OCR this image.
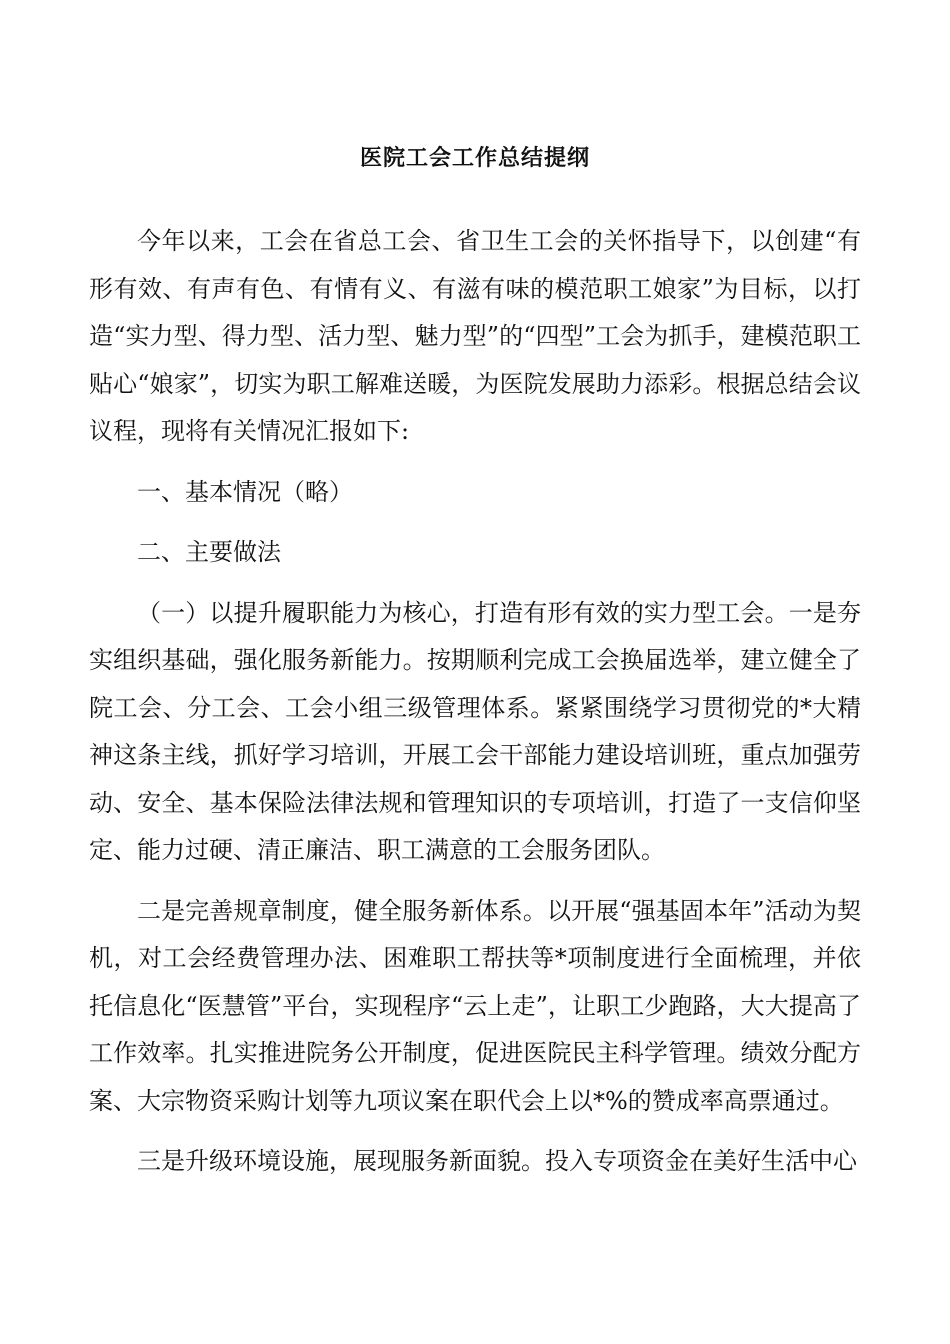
医院工会工作总结提纲

今年以来，工会在省总工会、省卫生工会的关怀指导下，以创建“有形有效、有声有色、有情有义、有滋有味的模范职工娘家”为目标，以打造“实力型、得力型、活力型、魅力型”的“四型”工会为抓手，建模范职工贴心“娘家”，切实为职工解难送暖，为医院发展助力添彩。根据总结会议议程，现将有关情况汇报如下:

一、基本情况（略）

二、主要做法

（一）以提升履职能力为核心，打造有形有效的实力型工会。一是夯实组织基础，强化服务新能力。按期顺利完成工会换届选举，建立健全了院工会、分工会、工会小组三级管理体系。紧紧围绕学习贯彻党的*大精神这条主线，抓好学习培训，开展工会干部能力建设培训班，重点加强劳动、安全、基本保险法律法规和管理知识的专项培训，打造了一支信仰坚定、能力过硬、清正廉洁、职工满意的工会服务团队。

二是完善规章制度，健全服务新体系。以开展“强基固本年”活动为契机，对工会经费管理办法、困难职工帮扶等*项制度进行全面梳理，并依托信息化“医慧管”平台，实现程序“云上走”，让职工少跑路，大大提高了工作效率。扎实推进院务公开制度，促进医院民主科学管理。绩效分配方案、大宗物资采购计划等九项议案在职代会上以*%的赞成率高票通过。

三是升级环境设施，展现服务新面貌。投入专项资金在美好生活中心
